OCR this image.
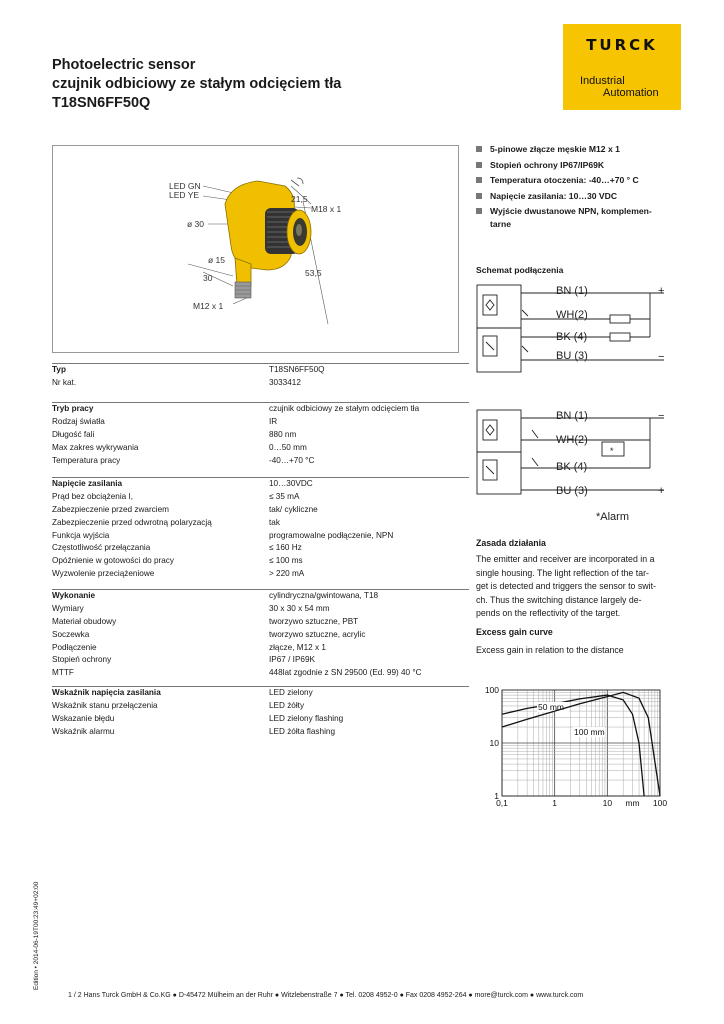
Photoelectric sensor
czujnik odbiciowy ze stałym odcięciem tła
T18SN6FF50Q
TURCK
Industrial
Automation
LED GN
LED YE	21,5
M18 x 1
ø 30
ø 15
30	53,5
M12 x 1
5-pinowe złącze męskie M12 x 1
Stopień ochrony IP67/IP69K
Temperatura otoczenia: -40…+70 ° C
Napięcie zasilania: 10…30 VDC
Wyjście dwustanowe NPN, komplemen-
tarne
Schemat podłączenia
BN (1)
WH(2)
BK (4)
BU (3)
+
−
BN (1)
WH(2)
BK (4)
BU (3)
−
+
*
*Alarm
Typ	T18SN6FF50Q
Nr kat.	3033412
Tryb pracy	czujnik odbiciowy ze stałym odcięciem tła
Rodzaj światła	IR
Długość fali	880 nm
Max zakres wykrywania	0…50 mm
Temperatura pracy	-40…+70 °C
Napięcie zasilania	10…30VDC
Prąd bez obciążenia I,	≤ 35 mA
Zabezpieczenie przed zwarciem	tak/ cykliczne
Zabezpieczenie przed odwrotną polaryzacją	tak
Funkcja wyjścia	programowalne podłączenie, NPN
Częstotliwość przełączania	≤ 160 Hz
Opóźnienie w gotowości do pracy	≤ 100 ms
Wyzwolenie przeciążeniowe	> 220 mA
Wykonanie	cylindryczna/gwintowana, T18
Wymiary	30 x 30 x 54 mm
Materiał obudowy	tworzywo sztuczne, PBT
Soczewka	tworzywo sztuczne, acrylic
Podłączenie	złącze, M12 x 1
Stopień ochrony	IP67 / IP69K
MTTF	448lat zgodnie z SN 29500 (Ed. 99) 40 °C
Wskaźnik napięcia zasilania	LED zielony
Wskaźnik stanu przełączenia	LED żółty
Wskazanie błędu	LED zielony flashing
Wskaźnik alarmu	LED żółta flashing
Zasada działania
The emitter and receiver are incorporated in a
single housing. The light reflection of the tar-
get is detected and triggers the sensor to swit-
ch. Thus the switching distance largely de-
pends on the reflectivity of the target.
Excess gain curve
Excess gain in relation to the distance
50 mm
100 mm
0,1	1	10	100
100
10
1
mm
Edition • 2014-06-19T00:23:49+02:00
1 / 2 Hans Turck GmbH & Co.KG ● D-45472 Mülheim an der Ruhr ● Witzlebenstraße 7 ● Tel. 0208 4952-0 ● Fax 0208 4952-264 ● more@turck.com ● www.turck.com
